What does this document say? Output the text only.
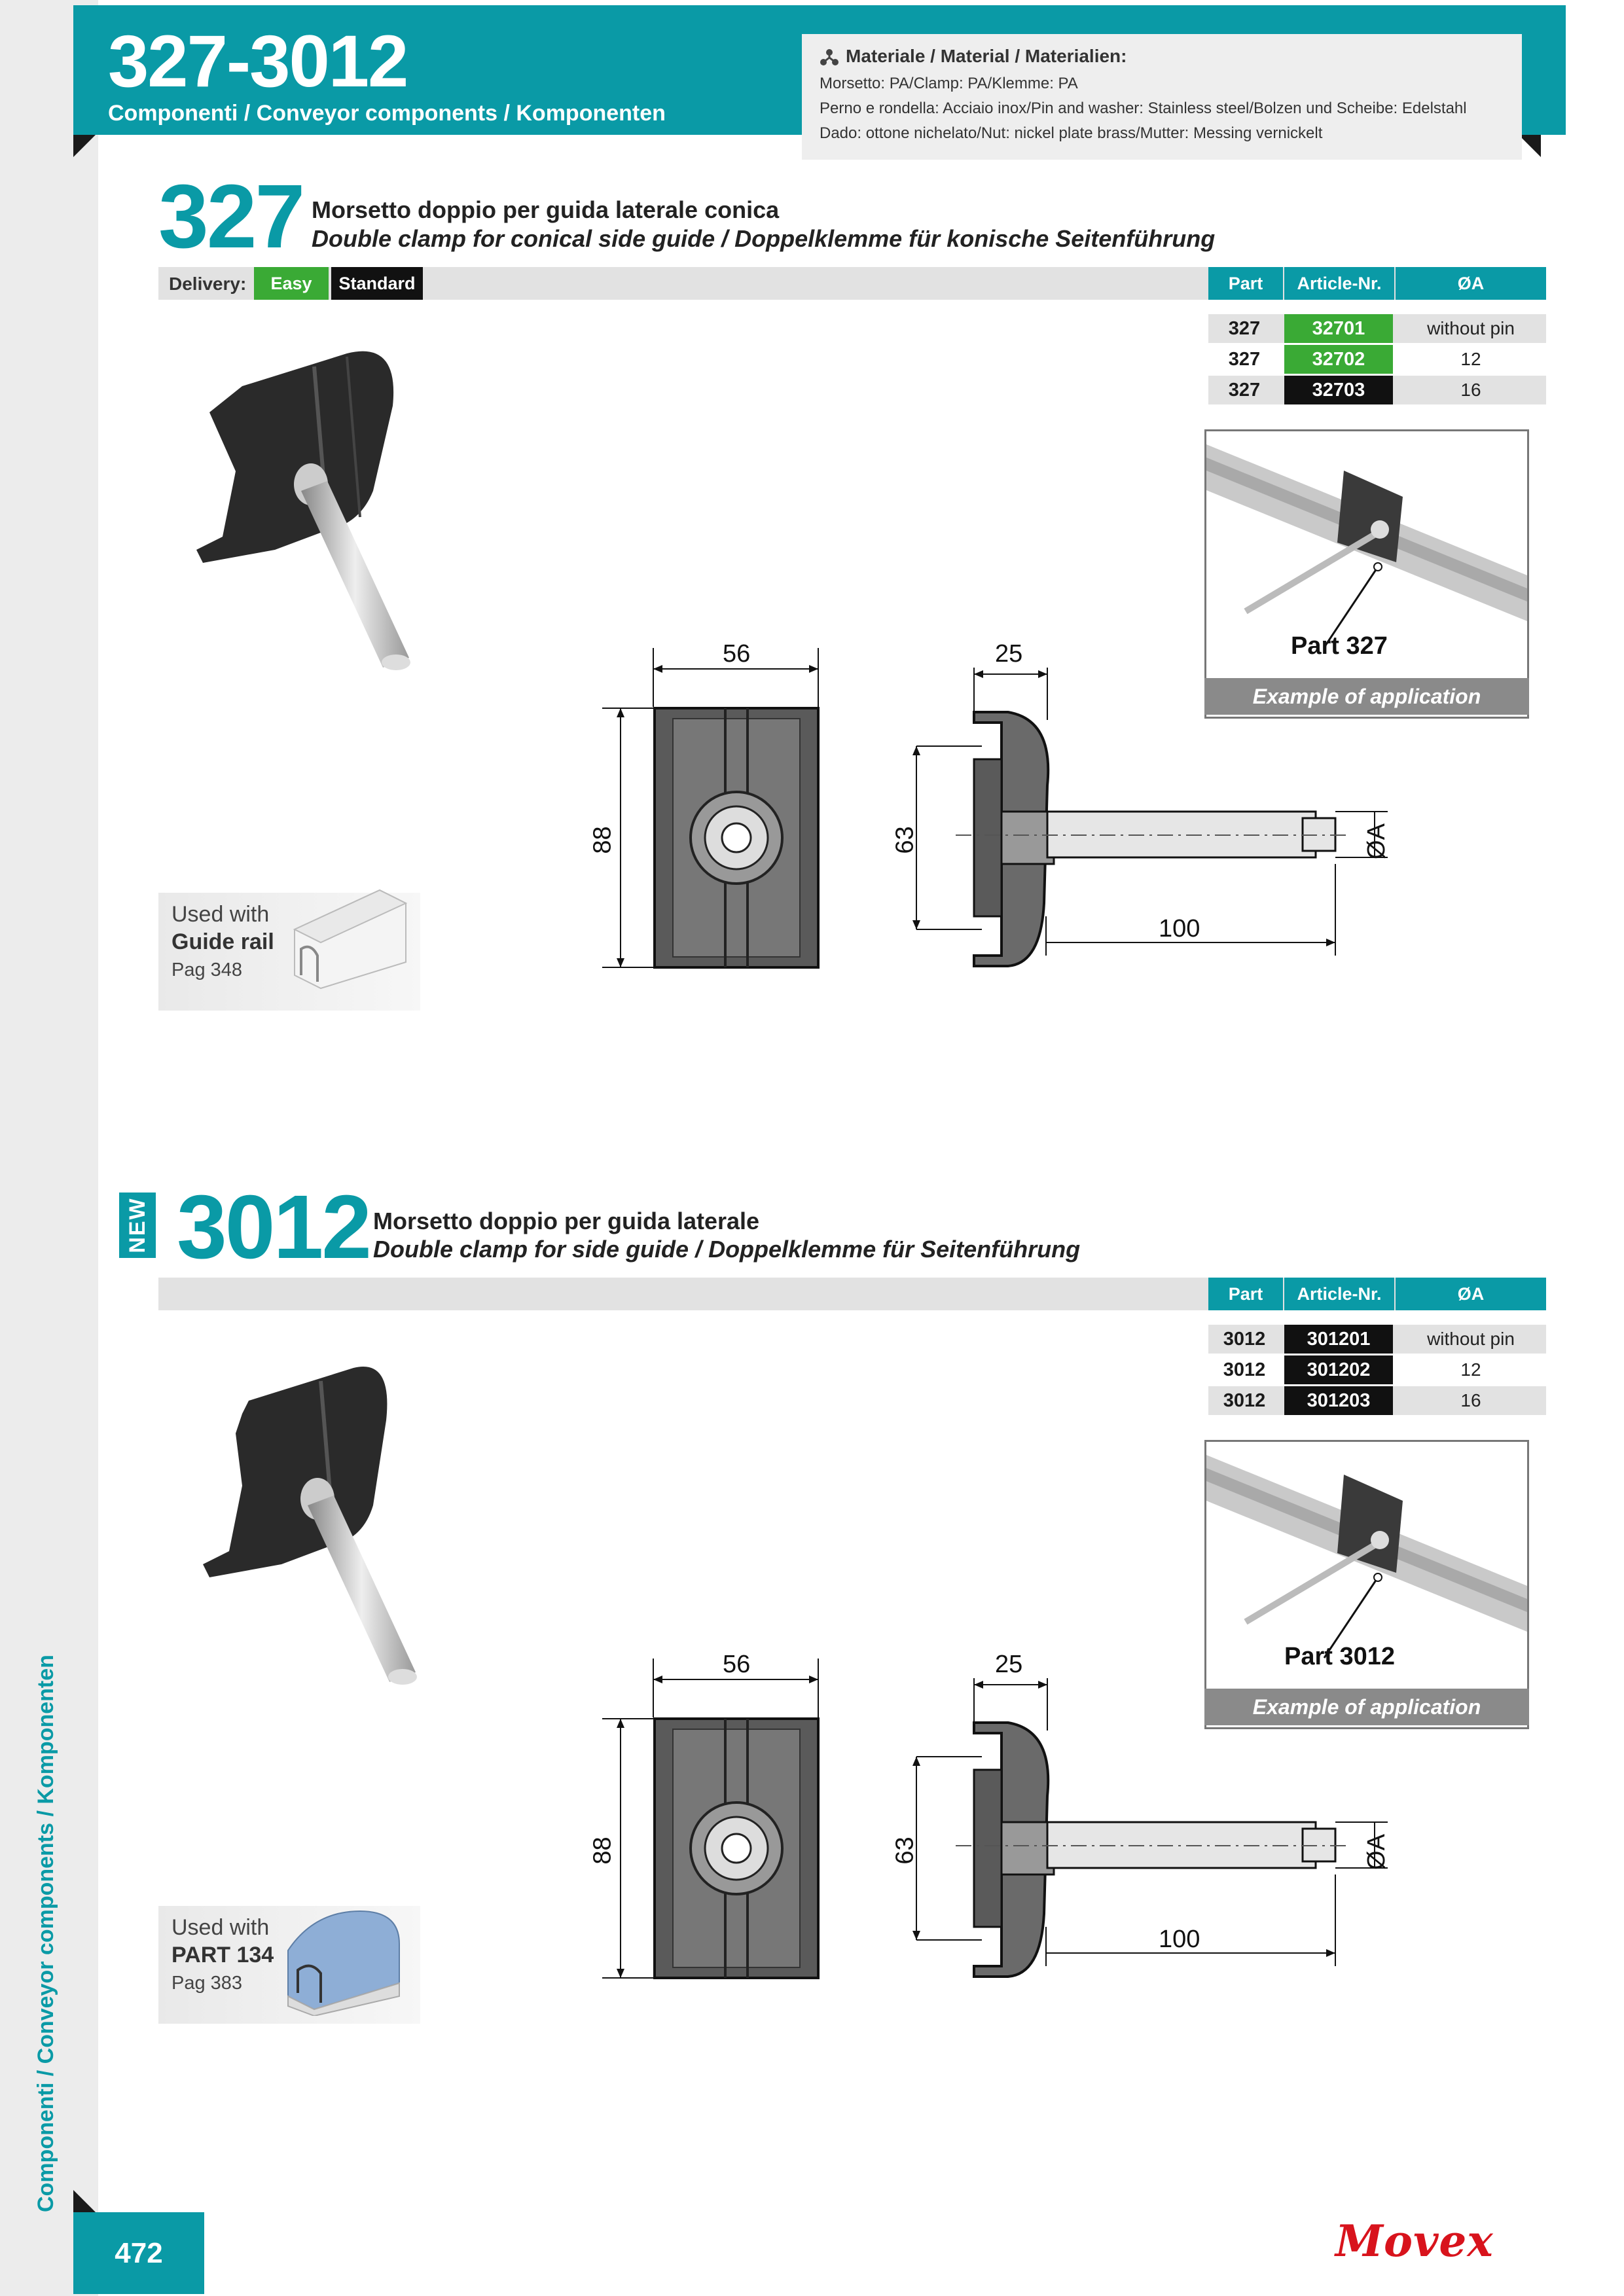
Componenti / Conveyor components / Komponenten
327-3012
Componenti / Conveyor components / Komponenten
Materiale / Material / Materialien:
Morsetto: PA/Clamp: PA/Klemme: PA
Perno e rondella: Acciaio inox/Pin and washer: Stainless steel/Bolzen und Scheibe: Edelstahl
Dado: ottone nichelato/Nut: nickel plate brass/Mutter: Messing vernickelt
327 Morsetto doppio per guida laterale conica
Double clamp for conical side guide / Doppelklemme für konische Seitenführung
Delivery:	Easy	Standard	Part	Article-Nr.	ØA
327	32701	without pin
327	32702	12
327	32703	16
Part 327
Example of application
Used with
Guide rail
Pag 348
56
88
25
63
100
ØA
NEW 3012 Morsetto doppio per guida laterale
Double clamp for side guide / Doppelklemme für Seitenführung
Part	Article-Nr.	ØA
3012	301201	without pin
3012	301202	12
3012	301203	16
Part 3012
Example of application
Used with
PART 134
Pag 383
56
88
25
63
100
ØA
472	Movex
